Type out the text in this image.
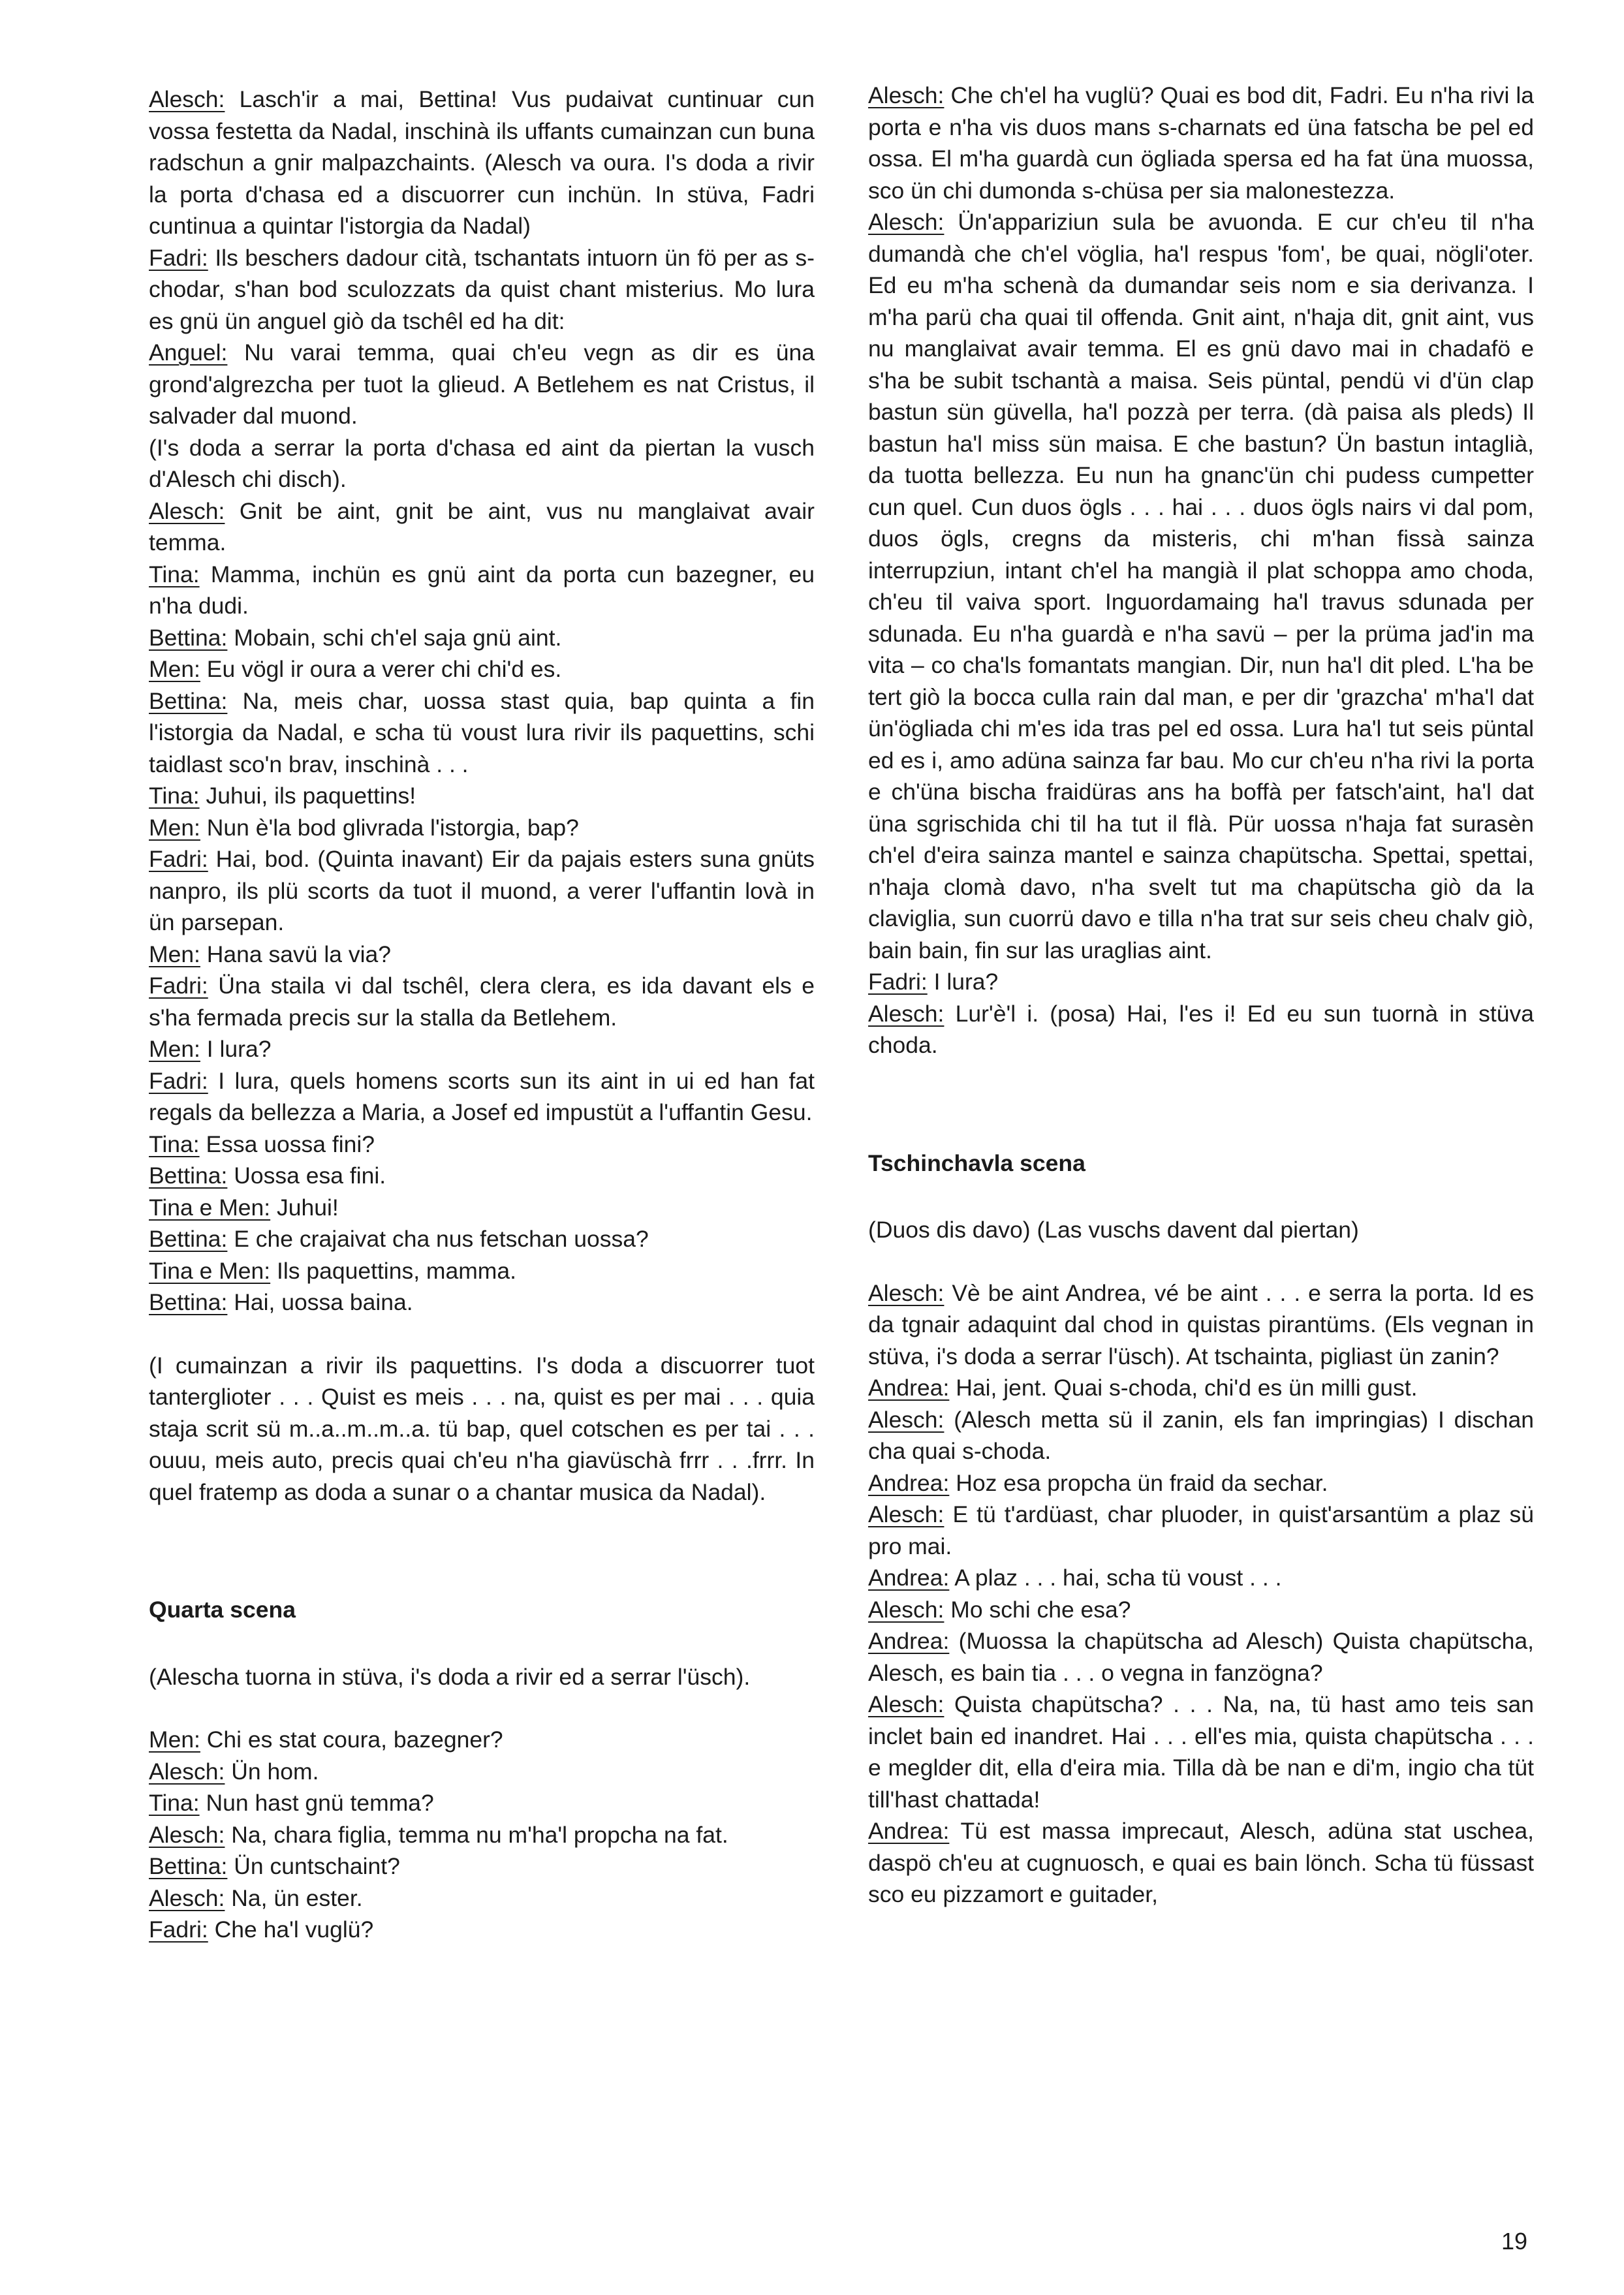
Alesch: Lasch'ir a mai, Bettina! Vus pudaivat cuntinuar cun vossa festetta da Nadal, inschinà ils uffants cumainzan cun buna radschun a gnir malpazchaints. (Alesch va oura. I's doda a rivir la porta d'chasa ed a discuorrer cun inchün. In stüva, Fadri cuntinua a quintar l'istorgia da Nadal)

Fadri: Ils beschers dadour cità, tschantats intuorn ün fö per as s-chodar, s'han bod sculozzats da quist chant misterius. Mo lura es gnü ün anguel giò da tschêl ed ha dit:

Anguel: Nu varai temma, quai ch'eu vegn as dir es üna grond'algrezcha per tuot la glieud. A Betlehem es nat Cristus, il salvader dal muond.

(I's doda a serrar la porta d'chasa ed aint da piertan la vusch d'Alesch chi disch).

Alesch: Gnit be aint, gnit be aint, vus nu manglaivat avair temma.

Tina: Mamma, inchün es gnü aint da porta cun bazegner, eu n'ha dudi.

Bettina: Mobain, schi ch'el saja gnü aint.

Men: Eu vögl ir oura a verer chi chi'd es.

Bettina: Na, meis char, uossa stast quia, bap quinta a fin l'istorgia da Nadal, e scha tü voust lura rivir ils paquettins, schi taidlast sco'n brav, inschinà . . .

Tina: Juhui, ils paquettins!

Men: Nun è'la bod glivrada l'istorgia, bap?

Fadri: Hai, bod. (Quinta inavant) Eir da pajais esters suna gnüts nanpro, ils plü scorts da tuot il muond, a verer l'uffantin lovà in ün parsepan.

Men: Hana savü la via?

Fadri: Üna staila vi dal tschêl, clera clera, es ida davant els e s'ha fermada precis sur la stalla da Betlehem.

Men: I lura?

Fadri: I lura, quels homens scorts sun its aint in ui ed han fat regals da bellezza a Maria, a Josef ed impustüt a l'uffantin Gesu.

Tina: Essa uossa fini?

Bettina: Uossa esa fini.

Tina e Men: Juhui!

Bettina: E che crajaivat cha nus fetschan uossa?

Tina e Men: Ils paquettins, mamma.

Bettina: Hai, uossa baina.

(I cumainzan a rivir ils paquettins. I's doda a discuorrer tuot tanterglioter . . . Quist es meis . . . na, quist es per mai . . . quia staja scrit sü m..a..m..m..a. tü bap, quel cotschen es per tai . . . ouuu, meis auto, precis quai ch'eu n'ha giavüschà frrr . . .frrr. In quel fratemp as doda a sunar o a chantar musica da Nadal).

Quarta scena

(Alescha tuorna in stüva, i's doda a rivir ed a serrar l'üsch).

Men: Chi es stat coura, bazegner?

Alesch: Ün hom.

Tina: Nun hast gnü temma?

Alesch: Na, chara figlia, temma nu m'ha'l propcha na fat.

Bettina: Ün cuntschaint?

Alesch: Na, ün ester.

Fadri: Che ha'l vuglü?

Alesch: Che ch'el ha vuglü? Quai es bod dit, Fadri. Eu n'ha rivi la porta e n'ha vis duos mans s-charnats ed üna fatscha be pel ed ossa. El m'ha guardà cun ögliada spersa ed ha fat üna muossa, sco ün chi dumonda s-chüsa per sia malonestezza.

Alesch: Ün'appariziun sula be avuonda. E cur ch'eu til n'ha dumandà che ch'el vöglia, ha'l respus 'fom', be quai, nögli'oter. Ed eu m'ha schenà da dumandar seis nom e sia derivanza. I m'ha parü cha quai til offenda. Gnit aint, n'haja dit, gnit aint, vus nu manglaivat avair temma. El es gnü davo mai in chadafö e s'ha be subit tschantà a maisa. Seis püntal, pendü vi d'ün clap bastun sün güvella, ha'l pozzà per terra. (dà paisa als pleds) Il bastun ha'l miss sün maisa. E che bastun? Ün bastun intaglià, da tuotta bellezza. Eu nun ha gnanc'ün chi pudess cumpetter cun quel. Cun duos ögls . . . hai . . . duos ögls nairs vi dal pom, duos ögls, cregns da misteris, chi m'han fissà sainza interrupziun, intant ch'el ha mangià il plat schoppa amo choda, ch'eu til vaiva sport. Inguordamaing ha'l travus sdunada per sdunada. Eu n'ha guardà e n'ha savü – per la prüma jad'in ma vita – co cha'ls fomantats mangian. Dir, nun ha'l dit pled. L'ha be tert giò la bocca culla rain dal man, e per dir 'grazcha' m'ha'l dat ün'ögliada chi m'es ida tras pel ed ossa. Lura ha'l tut seis püntal ed es i, amo adüna sainza far bau. Mo cur ch'eu n'ha rivi la porta e ch'üna bischa fraidüras ans ha boffà per fatsch'aint, ha'l dat üna sgrischida chi til ha tut il flà. Pür uossa n'haja fat surasèn ch'el d'eira sainza mantel e sainza chapütscha. Spettai, spettai, n'haja clomà davo, n'ha svelt tut ma chapütscha giò da la claviglia, sun cuorrü davo e tilla n'ha trat sur seis cheu chalv giò, bain bain, fin sur las uraglias aint.

Fadri: I lura?

Alesch: Lur'è'l i. (posa) Hai, l'es i! Ed eu sun tuornà in stüva choda.

Tschinchavla scena

(Duos dis davo) (Las vuschs davent dal piertan)

Alesch: Vè be aint Andrea, vé be aint . . . e serra la porta. Id es da tgnair adaquint dal chod in quistas pirantüms. (Els vegnan in stüva, i's doda a serrar l'üsch). At tschainta, pigliast ün zanin?

Andrea: Hai, jent. Quai s-choda, chi'd es ün milli gust.

Alesch: (Alesch metta sü il zanin, els fan impringias) I dischan cha quai s-choda.

Andrea: Hoz esa propcha ün fraid da sechar.

Alesch: E tü t'ardüast, char pluoder, in quist'arsantüm a plaz sü pro mai.

Andrea: A plaz . . . hai, scha tü voust . . .

Alesch: Mo schi che esa?

Andrea: (Muossa la chapütscha ad Alesch) Quista chapütscha, Alesch, es bain tia . . . o vegna in fanzögna?

Alesch: Quista chapütscha? . . . Na, na, tü hast amo teis san inclet bain ed inandret. Hai . . . ell'es mia, quista chapütscha . . . e meglder dit, ella d'eira mia. Tilla dà be nan e di'm, ingio cha tüt till'hast chattada!

Andrea: Tü est massa imprecaut, Alesch, adüna stat uschea, daspö ch'eu at cugnuosch, e quai es bain lönch. Scha tü füssast sco eu pizzamort e guitader,

19
